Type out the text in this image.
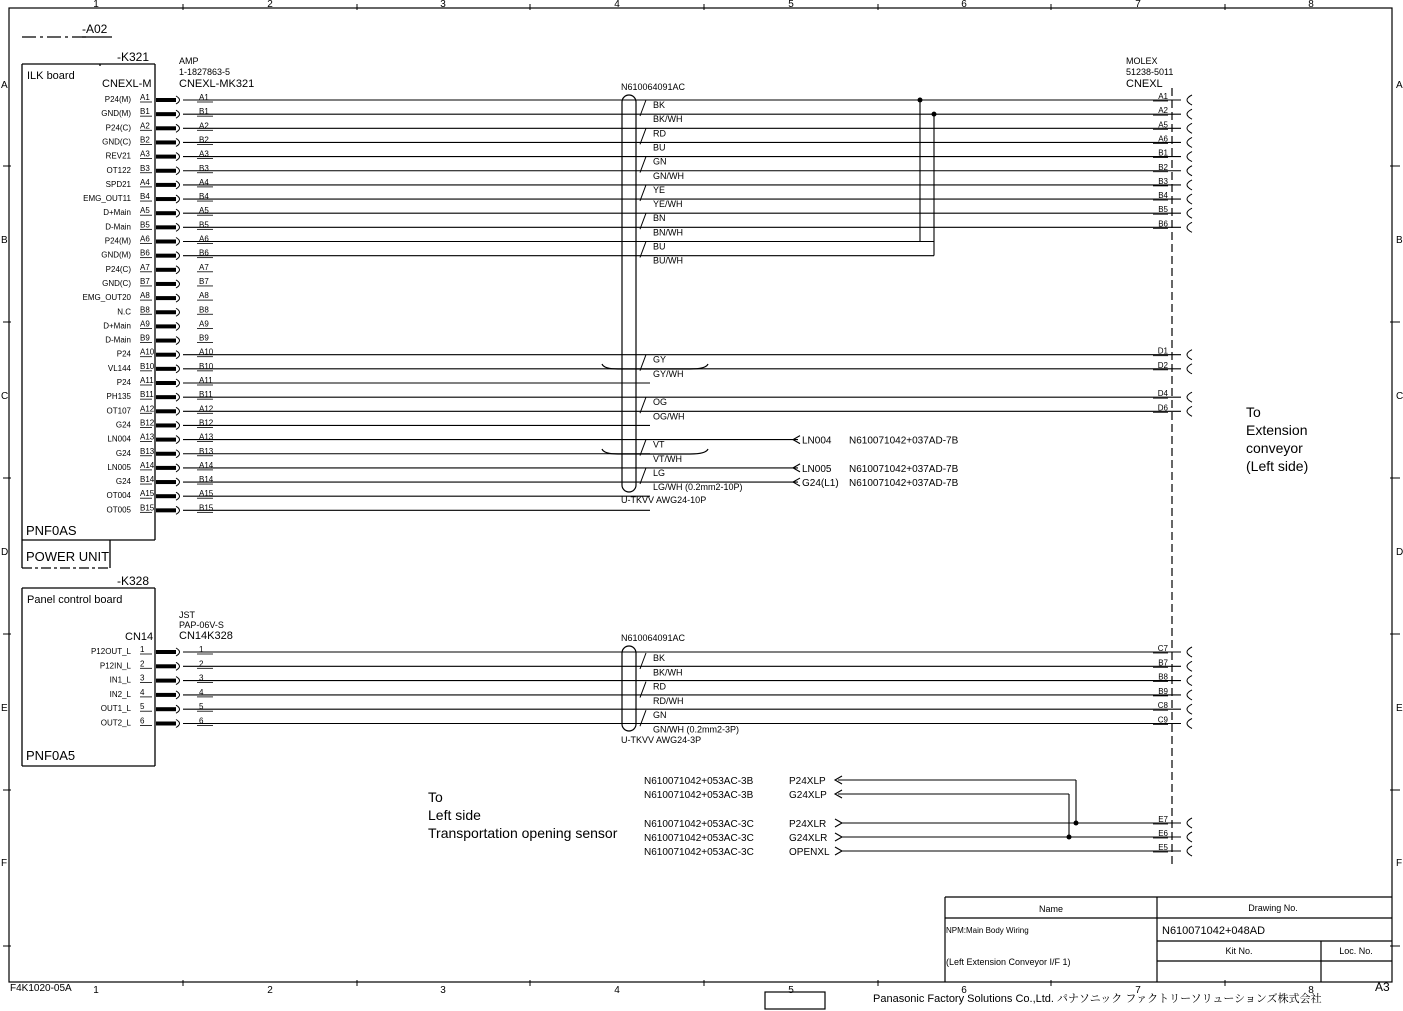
1
1
2
2
3
3
4
4
5
5
6
6
7
7
8
8
A	A
B	B
C	C
D	D
E	E
F	F
-A02
-K321
ILK board
CNEXL-M
PNF0AS
POWER UNIT
-K328
Panel control board
CN14
PNF0A5
AMP
1-1827863-5
CNEXL-MK321
JST
PAP-06V-S
CN14K328
MOLEX
51238-5011
CNEXL
P24(M) A1	A1
GND(M) B1	B1
P24(C) A2	A2
GND(C) B2	B2
REV21 A3	A3
OT122 B3	B3
SPD21 A4	A4
EMG_OUT11 B4	B4
D+Main A5	A5
D-Main B5	B5
P24(M) A6	A6
GND(M) B6	B6
P24(C) A7	A7
GND(C) B7	B7
EMG_OUT20 A8	A8
N.C B8	B8
D+Main A9	A9
D-Main B9	B9
P24 A10	A10
VL144 B10	B10
P24 A11	A11
PH135 B11	B11
OT107 A12	A12
G24 B12	B12
LN004 A13	A13
G24 B13	B13
LN005 A14	A14
G24 B14	B14
OT004 A15	A15
OT005 B15	B15
P12OUT_L 1	1
P12IN_L 2	2
IN1_L 3	3
IN2_L 4	4
OUT1_L 5	5
OUT2_L 6	6
A1
A2
A5
A6
B1
B2
B3
B4
B5
B6
D1
D2
D4
D6
C7
B7
B8
B9
C8
C9
E7
E6
E5
N610064091AC
BK
BK/WH
RD
BU
GN
GN/WH
YE
YE/WH
BN
BN/WH
BU
BU/WH
GY
GY/WH
OG
OG/WH
VT
VT/WH
LG
LG/WH (0.2mm2-10P)
U-TKVV AWG24-10P
N610064091AC
BK
BK/WH
RD
RD/WH
GN
GN/WH (0.2mm2-3P)
U-TKVV AWG24-3P
LN004 N610071042+037AD-7B
LN005 N610071042+037AD-7B
G24(L1) N610071042+037AD-7B
N610071042+053AC-3B	P24XLP
N610071042+053AC-3B	G24XLP
N610071042+053AC-3C	P24XLR
N610071042+053AC-3C	G24XLR
N610071042+053AC-3C	OPENXL
To
Extension
conveyor
(Left side)
To
Left side
Transportation opening sensor
Name	Drawing No.
NPM:Main Body Wiring
(Left Extension Conveyor I/F 1)
N610071042+048AD
Kit No.	Loc. No.
Panasonic Factory Solutions Co.,Ltd. パナソニック ファクトリーソリューションズ株式会社
F4K1020-05A	A3
